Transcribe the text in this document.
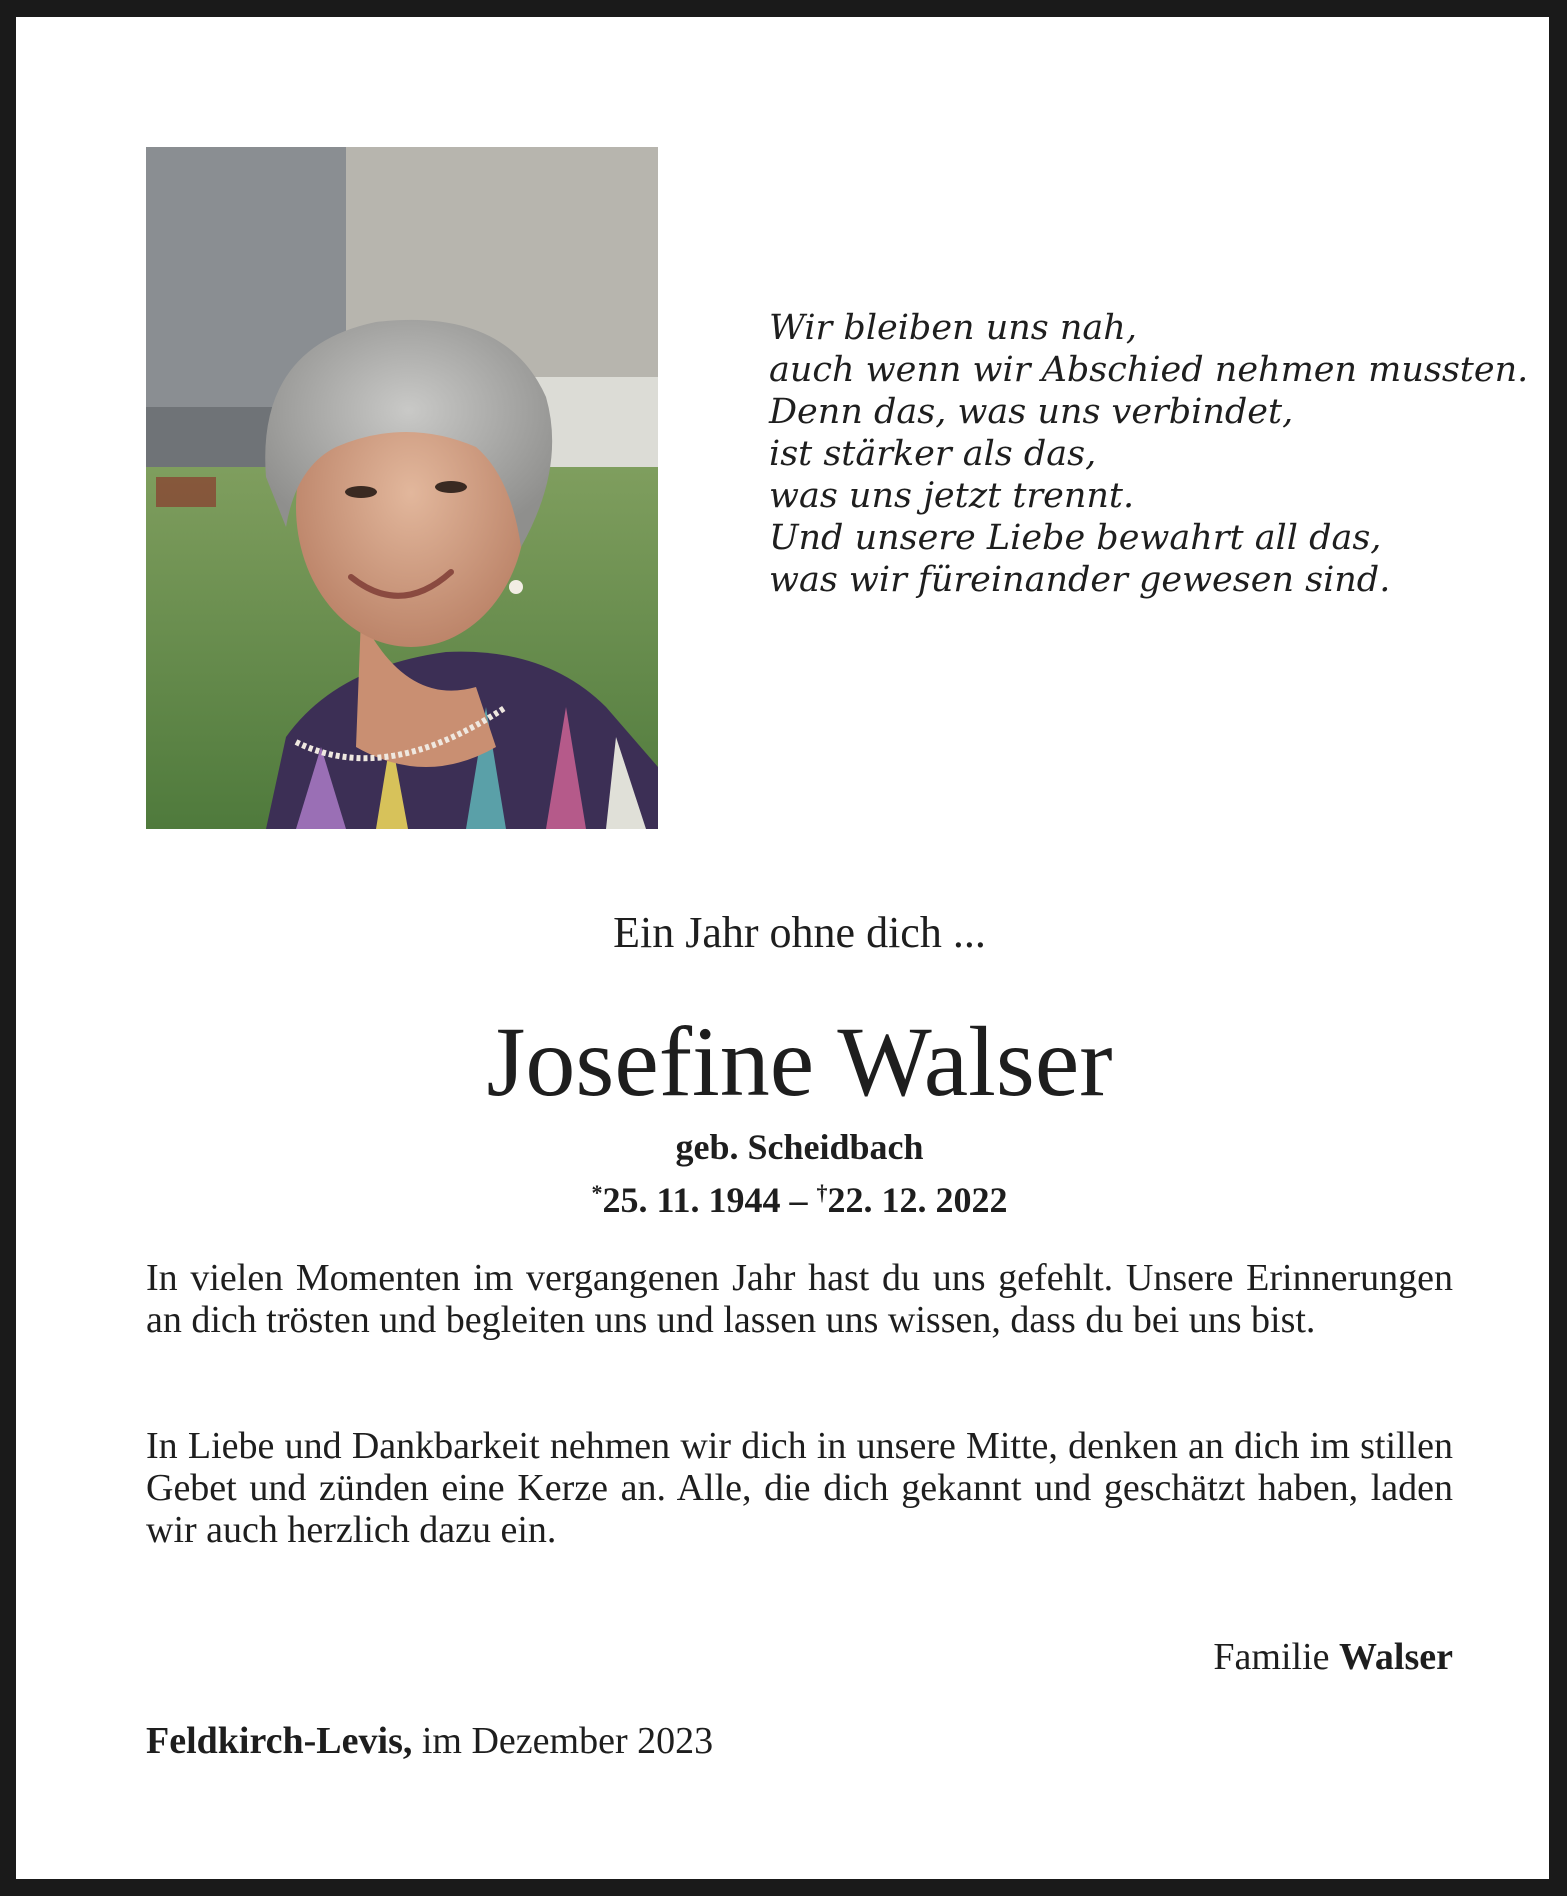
Wir bleiben uns nah,
auch wenn wir Abschied nehmen mussten.
Denn das, was uns verbindet,
ist stärker als das,
was uns jetzt trennt.
Und unsere Liebe bewahrt all das,
was wir füreinander gewesen sind.
Ein Jahr ohne dich ...
Josefine Walser
geb. Scheidbach
*25. 11. 1944 – †22. 12. 2022
In vielen Momenten im vergangenen Jahr hast du uns gefehlt. Unsere Erinnerungen an dich trösten und begleiten uns und lassen uns wissen, dass du bei uns bist.
In Liebe und Dankbarkeit nehmen wir dich in unsere Mitte, denken an dich im stillen Gebet und zünden eine Kerze an. Alle, die dich gekannt und geschätzt haben, laden wir auch herzlich dazu ein.
Familie Walser
Feldkirch-Levis, im Dezember 2023
